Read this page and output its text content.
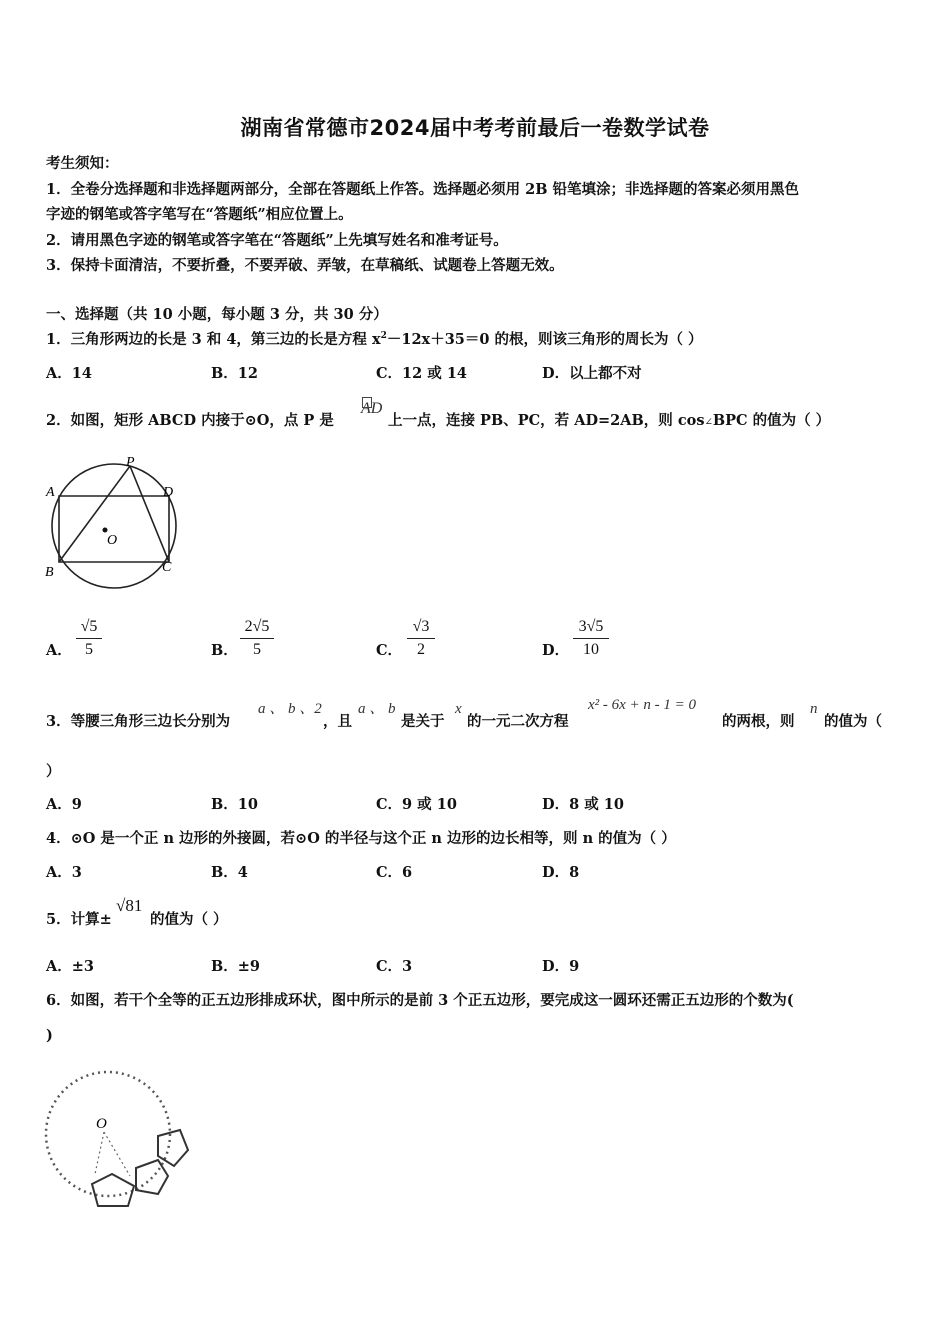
湖南省常德市2024届中考考前最后一卷数学试卷
考生须知：
1．全卷分选择题和非选择题两部分，全部在答题纸上作答。选择题必须用 2B 铅笔填涂；非选择题的答案必须用黑色
字迹的钢笔或答字笔写在“答题纸”相应位置上。
2．请用黑色字迹的钢笔或答字笔在“答题纸”上先填写姓名和准考证号。
3．保持卡面清洁，不要折叠，不要弄破、弄皱，在草稿纸、试题卷上答题无效。
一、选择题（共 10 小题，每小题 3 分，共 30 分）
1．三角形两边的长是 3 和 4，第三边的长是方程 $x^2-12x+35=0$ 的根，则该三角形的周长为（ ）
A．14	B．12	C．12 或 14	D．以上都不对
2．如图，矩形 ABCD 内接于⊙O，点 P 是
AD
上一点，连接 PB、PC，若 AD=2AB，则 cos∠BPC 的值为（ ）
P
A	D
O
B	C
A．
√5
5	B．
2√5
5	C．
√3
2	D．
3√5
10
3．等腰三角形三边长分别为
a 、 b 、2
，且
a 、 b
是关于
x
的一元二次方程
x² - 6x + n - 1 = 0
的两根，则
n
的值为（
）
A．9	B．10	C．9 或 10	D．8 或 10
4．⊙O 是一个正 n 边形的外接圆，若⊙O 的半径与这个正 n 边形的边长相等，则 n 的值为（ ）
A．3	B．4	C．6	D．8
5．计算±
√81
的值为（ ）
A．±3	B．±9	C．3	D．9
6．如图，若干个全等的正五边形排成环状，图中所示的是前 3 个正五边形，要完成这一圆环还需正五边形的个数为(
)
O
